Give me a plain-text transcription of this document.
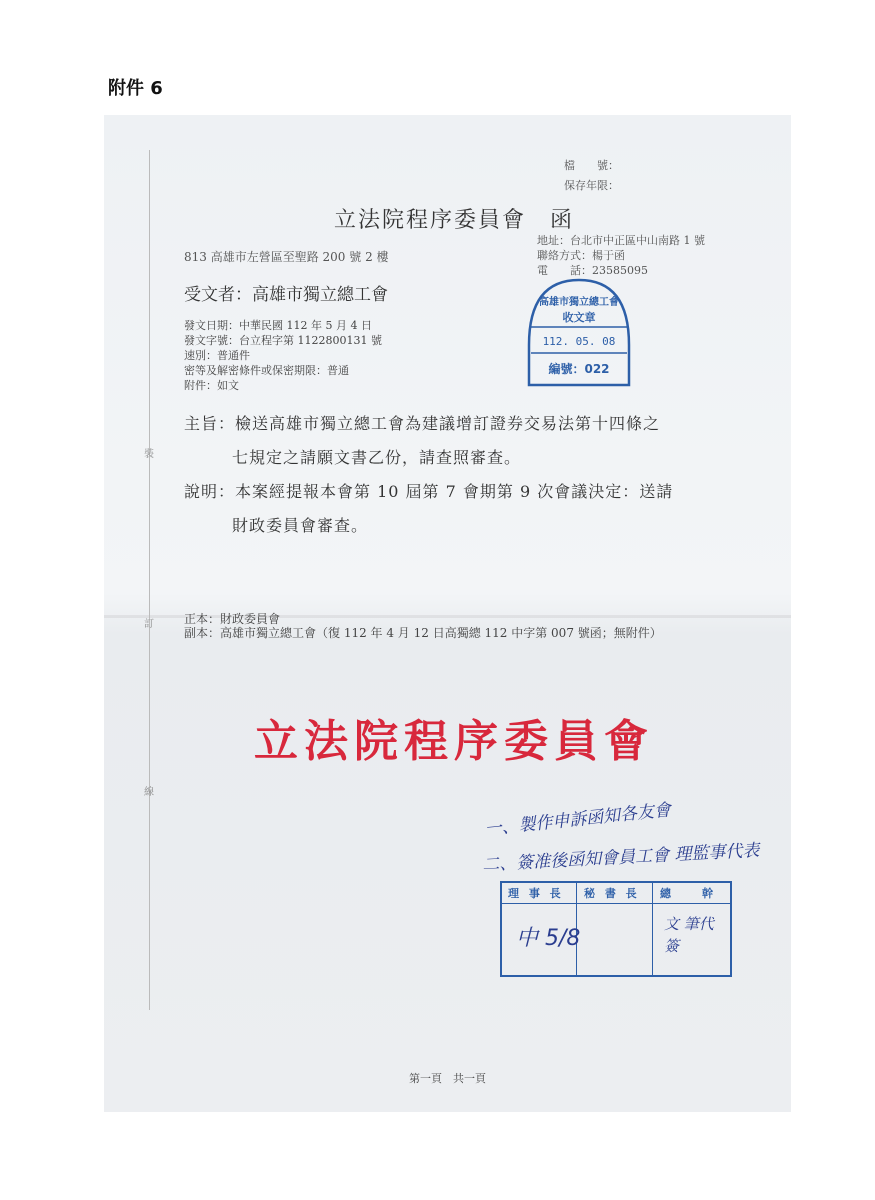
附件 6
裝
訂
線
檔　　號：
保存年限：
立法院程序委員會　函
813 高雄市左營區至聖路 200 號 2 樓
地址：台北市中正區中山南路 1 號
聯絡方式：楊于函
電　　話：23585095
受文者：高雄市獨立總工會
發文日期：中華民國 112 年 5 月 4 日
發文字號：台立程字第 1122800131 號
速別：普通件
密等及解密條件或保密期限：普通
附件：如文
高雄市獨立總工會
收文章
112. 05. 08
編號：022
主旨：檢送高雄市獨立總工會為建議增訂證券交易法第十四條之
七規定之請願文書乙份，請查照審查。
說明：本案經提報本會第 10 屆第 7 會期第 9 次會議決定：送請
財政委員會審查。
正本：財政委員會
副本：高雄市獨立總工會（復 112 年 4 月 12 日高獨總 112 中字第 007 號函；無附件）
立法院程序委員會
一、製作申訴函知各友會
二、簽准後函知會員工會 理監事代表
理 事 長 秘 書 長 總　　幹
中 5/8
文 筆代簽
第一頁　共一頁
